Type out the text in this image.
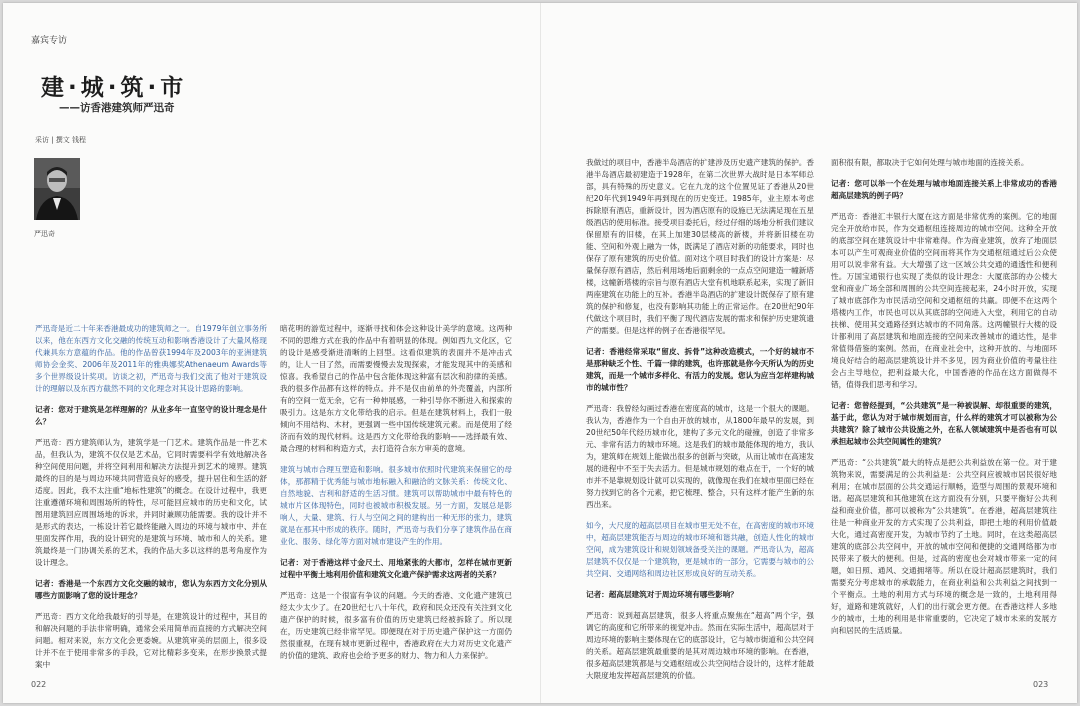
嘉宾专访
建·城·筑·市
——访香港建筑师严迅奇
采访 | 撰文 钱程
严迅奇

严迅奇是近二十年来香港最成功的建筑师之一。自1979年创立事务所以来，他在东西方文化交融的传统互动和影响香港设计了大量风格现代兼具东方意蕴的作品。他的作品曾获1994年及2003年的亚洲建筑师协会金奖、2006年及2011年的雅典娜奖Athenaeum Awards等多个世界级设计奖项。访谈之初，严迅奇与我们交流了他对于建筑设计的理解以及东西方截然不同的文化理念对其设计思路的影响。

记者：您对于建筑是怎样理解的？从业多年一直坚守的设计理念是什么？

严迅奇：西方建筑师认为，建筑学是一门艺术。建筑作品是一件艺术品，但我认为，建筑不仅仅是艺术品，它同时需要科学有效地解决各种空间使用问题，并将空间利用和解决方法提升到艺术的境界。建筑最终的目的是与周边环境共同营造良好的感受，提升居住和生活的舒适度。因此，我不太注重“地标性建筑”的概念。在设计过程中，我更注重遵循环境和周围场所的特性，尽可能回应城市的历史和文化，试图用建筑回应周围场地的诉求，并同时兼顾功能需要。我的设计并不是形式的表达，一栋设计若它最终能融入周边的环境与城市中、并在里面发挥作用，我的设计研究的是建筑与环境、城市和人的关系。建筑最终是一门协调关系的艺术，我的作品大多以这样的思考角度作为设计理念。

记者：香港是一个东西方文化交融的城市，您认为东西方文化分别从哪些方面影响了您的设计理念？

严迅奇：西方文化给我最好的引导是，在建筑设计的过程中，其目的和解决问题的手法非常明确，通常会采用简单而直接的方式解决空间问题。相对来说，东方文化会更委婉。从建筑审美的层面上，很多设计并不在于使用非常多的手段，它对比精彩多变来，在形步换景式提案中

暗花明的游览过程中，逐渐寻找和体会这种设计美学的意境。这两种不同的思维方式在我的作品中有着明显的体现。例如西九文化区，它的设计是感受渐进清晰的上回型。这看似建筑的表面并不是冲击式的，让人一目了然，而需要慢慢去发现探索，才能发现其中的美感和惊喜。我希望自己的作品中包含能体现这种富有层次和韵律的美感。我的很多作品都有这样的特点。并不是仅由前单的外壳覆盖，内部所有的空间一览无余，它有一种伸展感，一种引导你不断进入和探索的吸引力。这是东方文化带给我的启示。但是在建筑材料上，我们一般倾向不用结构、木材，更强调一些中国传统建筑元素。而是使用了经济而有效的现代材料。这是西方文化带给我的影响——选择最有效、最合理的材料和构造方式，去打造符合东方审美的意境。

建筑与城市合理互塑造和影响。很多城市依照时代建筑来保留它的母体，那都精于优秀能与城市地标融入和融洽的文脉关系：传统文化、自然地貌、吉利和舒适的生活习惯。建筑可以帮助城市中最有特色的城市片区体现特色，同时也被城市积极发展。另一方面，发展总是影响人，大量、建筑、行人与空间之间的建构出一种无形的张力，建筑就是在那其中形成的秩序。随时，严迅奇与我们分享了建筑作品在商业化、服务、绿化等方面对城市建设产生的作用。

记者：对于香港这样寸金尺土、用地紧张的大都市，怎样在城市更新过程中平衡土地利用价值和建筑文化遗产保护需求这两者的关系？

严迅奇：这是一个很富有争议的问题。今天的香港、文化遗产建筑已经太少太少了。在20世纪七八十年代，政府和民众还没有关注到文化遗产保护的时候，很多富有价值的历史建筑已经被拆除了。所以现在，历史建筑已经非常罕见。即便现在对于历史遗产保护这一方面仍然很重视，在现有城市更新过程中，香港政府在大力对历史文化遗产的价值的建筑、政府也会给予更多的财力、物力和人力来保护。

我做过的项目中，香港半岛酒店的扩建涉及历史遗产建筑的保护。香港半岛酒店最初建造于1928年，在第二次世界大战时是日本军师总部，具有特殊的历史意义。它在九龙的这个位置见证了香港从20世纪20年代到1949年再到现在的历史变迁。1985年，业主原本考虑拆除原有酒店，重新设计，因为酒店原有的设施已无法满足现在五星级酒店的使用标准。接受项目委托后，经过仔细的场地分析我们建议保留原有的旧楼，在其上加建30层楼高的新楼，并将新旧楼在功能、空间和外观上融为一体，既满足了酒店对新的功能要求，同时也保存了原有建筑的历史价值。面对这个项目时我们的设计方案是：尽量保存原有酒店，然后利用场地后面剩余的一点点空间建造一幢新塔楼，这幢新塔楼的宗旨与原有酒店大堂有机地联系起来，实现了新旧两座建筑在功能上的互补。香港半岛酒店的扩建设计既保存了原有建筑的保护和修复，也没有影响其功能上的正常运作。在20世纪90年代做这个项目时，我们平衡了现代酒店发展的需求和保护历史建筑遗产的需要。但是这样的例子在香港很罕见。

记者：香港经常采取“留皮、拆骨”这种改造模式，一个好的城市不是那种缺乏个性、千篇一律的建筑，也许那就是你今天所认为的历史建筑，而是一个城市多样化、有活力的发展。您认为应当怎样建构城市的城市性？

严迅奇：我曾经勾画过香港在密度高的城市，这是一个很大的课题。我认为，香港作为一个自由开放的城市，从1800年最早的发展，到20世纪50年代经历城市化，建构了多元文化的碰撞，创造了非常多元、非常有活力的城市环境。这是我们的城市最能体现的地方，我认为，建筑师在规划上能做出很多的创新与突破，从而让城市在高速发展的进程中不至于失去活力。但是城市规划的难点在于，一个好的城市并不是靠规划设计就可以实现的，就像现在我们在城市里面已经在努力找到它的各个元素，把它梳理、整合，只有这样才能产生新的东西出来。

如今，大尺度的超高层项目在城市里无处不在，在高密度的城市环境中，超高层建筑能否与周边的城市环境和谐共融，创造人性化的城市空间，成为建筑设计和规划领域备受关注的课题。严迅奇认为，超高层建筑不仅仅是一个建筑物，更是城市的一部分，它需要与城市的公共空间、交通网络和周边社区形成良好的互动关系。

记者：超高层建筑对于周边环境有哪些影响？

严迅奇：说到超高层建筑，很多人将重点聚焦在“超高”两个字，强调它的高度和它所带来的视觉冲击。然而在实际生活中，超高层对于周边环境的影响主要体现在它的底部设计，它与城市街道和公共空间的关系。超高层建筑最重要的是其对周边城市环境的影响。在香港，很多超高层建筑都是与交通枢纽或公共空间结合设计的，这样才能最大限度地发挥超高层建筑的价值。

面积很有限，都取决于它如何处理与城市地面的连接关系。

记者：您可以举一个在处理与城市地面连接关系上非常成功的香港超高层建筑的例子吗？

严迅奇：香港汇丰银行大厦在这方面是非常优秀的案例。它的地面完全开放给市民，作为交通枢纽连接周边的城市空间。这种全开放的底部空间在建筑设计中非常难得。作为商业建筑，放弃了地面层本可以产生可观商业价值的空间而将其作为交通枢纽通过后公众使用可以说非常有益。大大增强了这一区域公共交通的通透性和便利性。万国宝通银行也实现了类似的设计理念：大厦底部的办公楼大堂和商业广场全部和周围的公共空间连接起来，24小时开放，实现了城市底部作为市民活动空间和交通枢纽的共赢。即便不在这两个塔楼内工作，市民也可以从其底部的空间进入大堂，利用它的自动扶梯、使用其交通路径到达城市的不同角落。这两幢银行大楼的设计都利用了高层建筑和地面连接的空间来改善城市的通达性，是非常值得借鉴的案例。然而，在商业社会中，这种开放的、与地面环境良好结合的超高层建筑设计并不多见，因为商业价值的考量往往会占主导地位，把利益最大化，中国香港的作品在这方面做得不错，值得我们思考和学习。

记者：您曾经提到，“公共建筑”是一种被误解、却很重要的建筑，基于此，您认为对于城市规划而言，什么样的建筑才可以被称为公共建筑？除了城市公共设施之外，在私人领域建筑中是否也有可以承担起城市公共空间属性的建筑？

严迅奇：“公共建筑”最大的特点是把公共利益放在第一位。对于建筑物来说，需要满足的公共利益是：公共空间应被城市居民很好地利用；在城市层面的公共交通运行顺畅，造型与周围的景观环境和谐。超高层建筑和其他建筑在这方面没有分别，只要平衡好公共利益和商业价值，都可以被称为“公共建筑”。在香港，超高层建筑往往是一种商业开发的方式实现了公共利益，即把土地的利用价值最大化，通过高密度开发，为城市节约了土地。同时，在这类超高层建筑的底部公共空间中，开放的城市空间和便捷的交通网络都为市民带来了极大的便利。但是，过高的密度也会对城市带来一定的问题，如日照、通风、交通拥堵等。所以在设计超高层建筑时，我们需要充分考虑城市的承载能力，在商业利益和公共利益之间找到一个平衡点。土地的利用方式与环境的概念是一致的，土地利用得好，道路和建筑就好，人们的出行就会更方便。在香港这样人多地少的城市，土地的利用是非常重要的，它决定了城市未来的发展方向和居民的生活质量。

022	023
